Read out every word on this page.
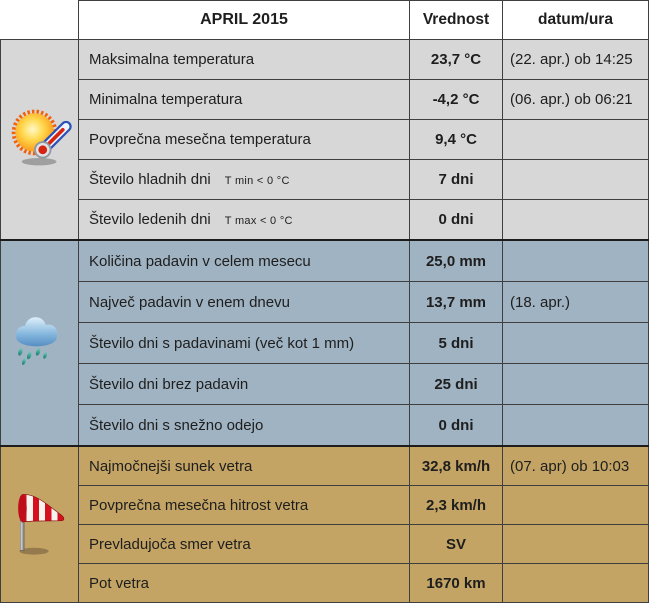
	APRIL 2015	Vrednost	datum/ura
	Maksimalna temperatura	23,7 °C	(22. apr.) ob 14:25
	Minimalna temperatura	-4,2 °C	(06. apr.) ob 06:21
	Povprečna mesečna temperatura	9,4 °C	
	Število hladnih dni T min < 0 °C	7 dni	
	Število ledenih dni T max < 0 °C	0 dni	
	Količina padavin v celem mesecu	25,0 mm	
	Največ padavin v enem dnevu	13,7 mm	(18. apr.)
	Število dni s padavinami (več kot 1 mm)	5 dni	
	Število dni brez padavin	25 dni	
	Število dni s snežno odejo	0 dni	
	Najmočnejši sunek vetra	32,8 km/h	(07. apr) ob 10:03
	Povprečna mesečna hitrost vetra	2,3 km/h	
	Prevladujoča smer vetra	SV	
	Pot vetra	1670 km	
